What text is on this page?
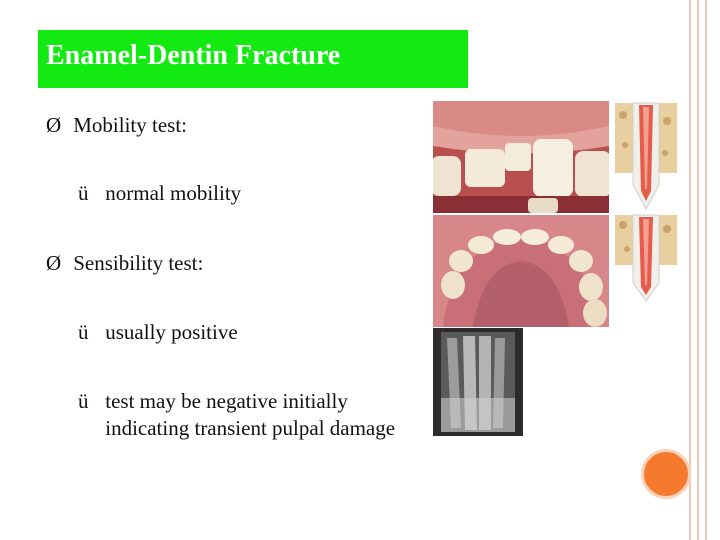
Enamel-Dentin Fracture
Ø Mobility test:
ü normal mobility
Ø Sensibility test:
ü usually positive
ü test may be negative initially indicating transient pulpal damage
